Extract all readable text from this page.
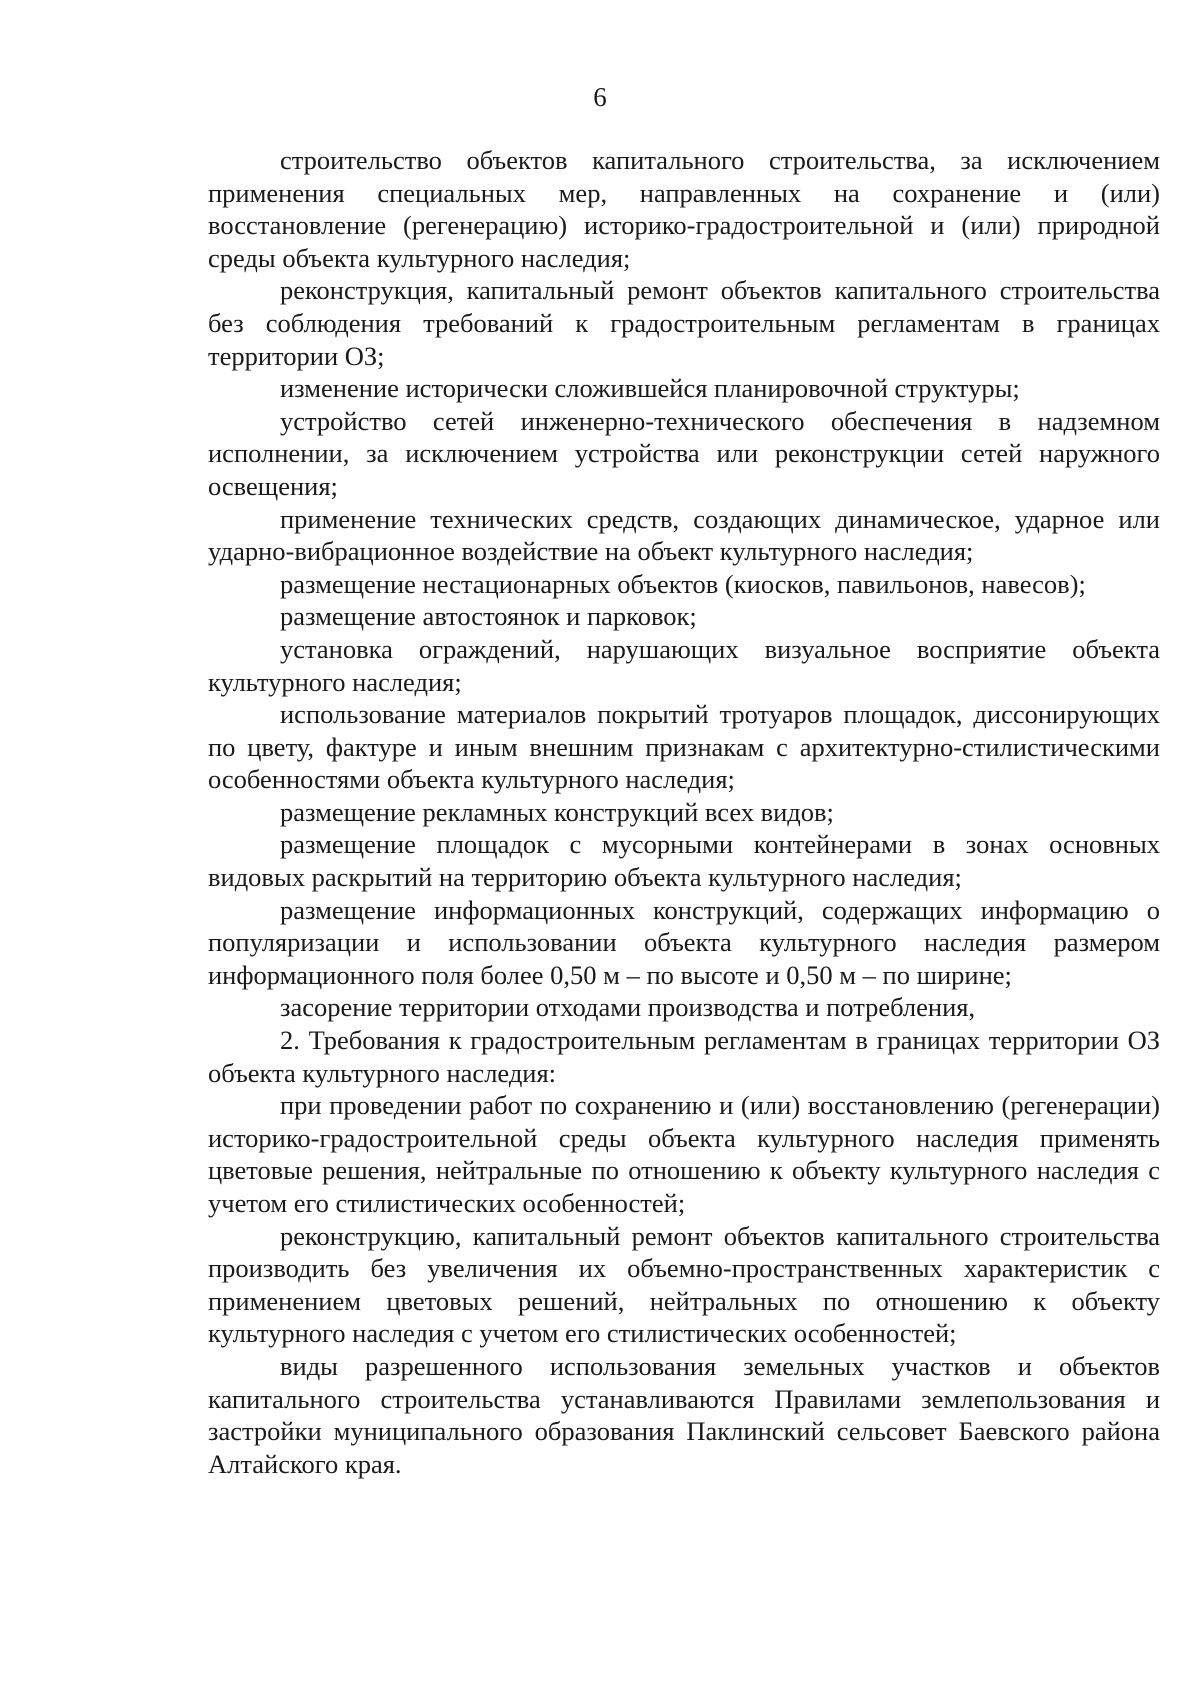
6

строительство объектов капитального строительства, за исключением применения специальных мер, направленных на сохранение и (или) восстановление (регенерацию) историко-градостроительной и (или) природной среды объекта культурного наследия;

реконструкция, капитальный ремонт объектов капитального строительства без соблюдения требований к градостроительным регламентам в границах территории ОЗ;

изменение исторически сложившейся планировочной структуры;

устройство сетей инженерно-технического обеспечения в надземном исполнении, за исключением устройства или реконструкции сетей наружного освещения;

применение технических средств, создающих динамическое, ударное или ударно-вибрационное воздействие на объект культурного наследия;

размещение нестационарных объектов (киосков, павильонов, навесов);

размещение автостоянок и парковок;

установка ограждений, нарушающих визуальное восприятие объекта культурного наследия;

использование материалов покрытий тротуаров площадок, диссонирующих по цвету, фактуре и иным внешним признакам с архитектурно-стилистическими особенностями объекта культурного наследия;

размещение рекламных конструкций всех видов;

размещение площадок с мусорными контейнерами в зонах основных видовых раскрытий на территорию объекта культурного наследия;

размещение информационных конструкций, содержащих информацию о популяризации и использовании объекта культурного наследия размером информационного поля более 0,50 м – по высоте и 0,50 м – по ширине;

засорение территории отходами производства и потребления,

2. Требования к градостроительным регламентам в границах территории ОЗ объекта культурного наследия:

при проведении работ по сохранению и (или) восстановлению (регенерации) историко-градостроительной среды объекта культурного наследия применять цветовые решения, нейтральные по отношению к объекту культурного наследия с учетом его стилистических особенностей;

реконструкцию, капитальный ремонт объектов капитального строительства производить без увеличения их объемно-пространственных характеристик с применением цветовых решений, нейтральных по отношению к объекту культурного наследия с учетом его стилистических особенностей;

виды разрешенного использования земельных участков и объектов капитального строительства устанавливаются Правилами землепользования и застройки муниципального образования Паклинский сельсовет Баевского района Алтайского края.
